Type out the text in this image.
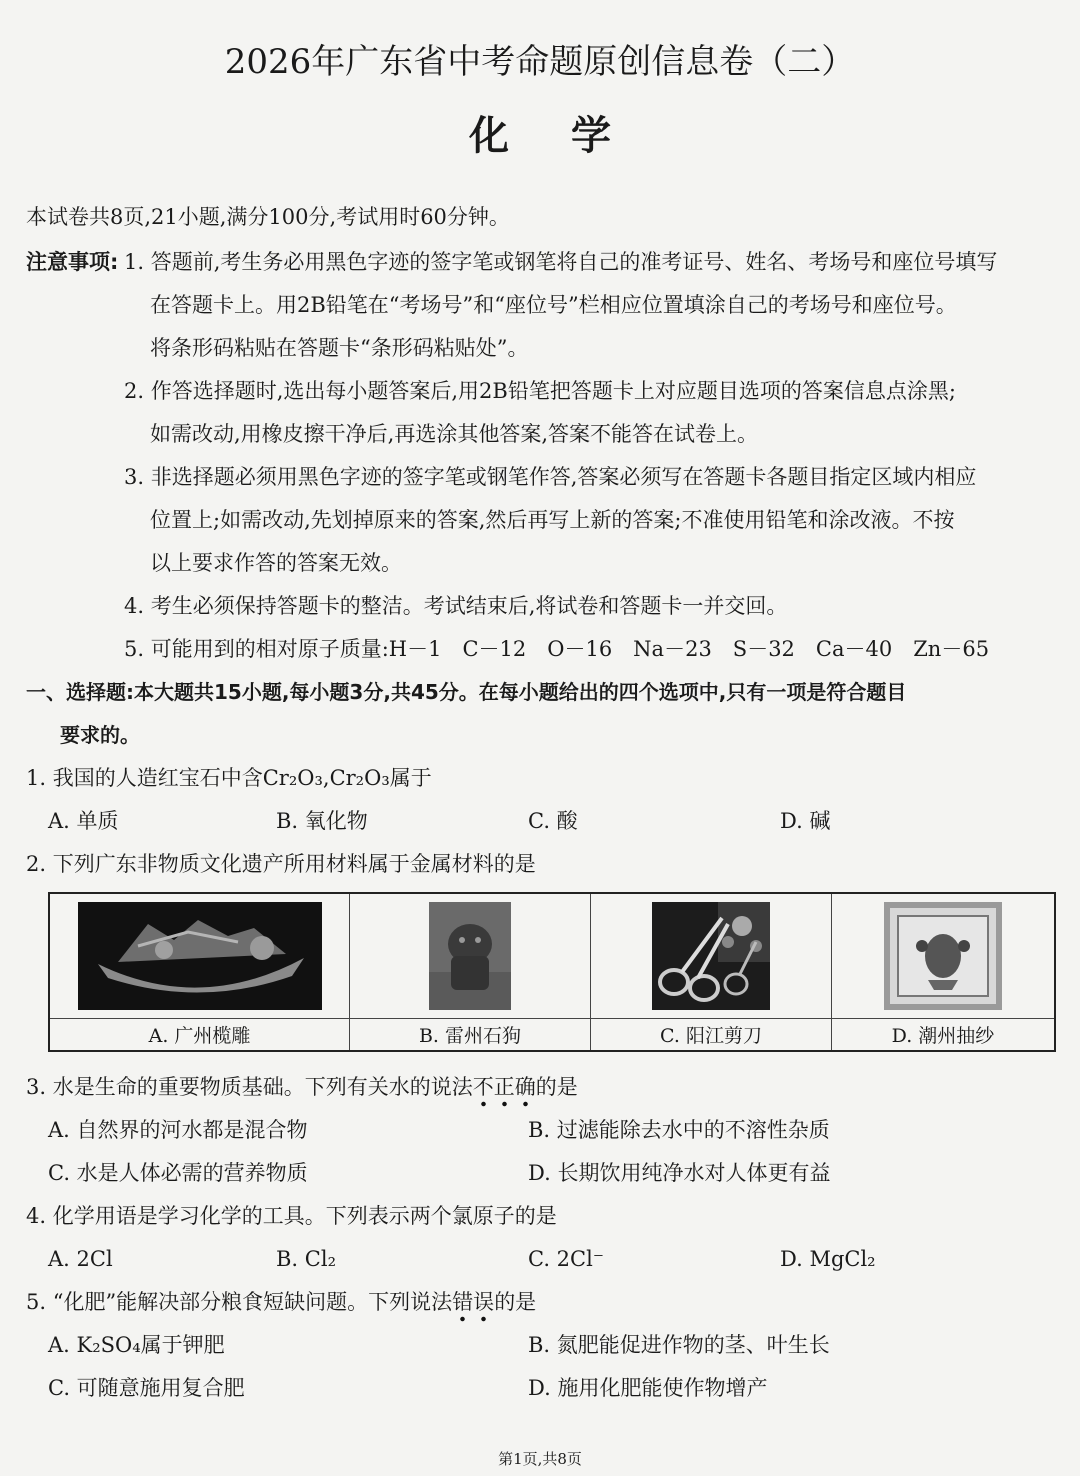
2026年广东省中考命题原创信息卷（二）
化学
本试卷共8页,21小题,满分100分,考试用时60分钟。
注意事项: 1. 答题前,考生务必用黑色字迹的签字笔或钢笔将自己的准考证号、姓名、考场号和座位号填写
在答题卡上。用2B铅笔在“考场号”和“座位号”栏相应位置填涂自己的考场号和座位号。
将条形码粘贴在答题卡“条形码粘贴处”。
2. 作答选择题时,选出每小题答案后,用2B铅笔把答题卡上对应题目选项的答案信息点涂黑;
如需改动,用橡皮擦干净后,再选涂其他答案,答案不能答在试卷上。
3. 非选择题必须用黑色字迹的签字笔或钢笔作答,答案必须写在答题卡各题目指定区域内相应
位置上;如需改动,先划掉原来的答案,然后再写上新的答案;不准使用铅笔和涂改液。不按
以上要求作答的答案无效。
4. 考生必须保持答题卡的整洁。考试结束后,将试卷和答题卡一并交回。
5. 可能用到的相对原子质量:H－1　C－12　O－16　Na－23　S－32　Ca－40　Zn－65
一、选择题:本大题共15小题,每小题3分,共45分。在每小题给出的四个选项中,只有一项是符合题目
要求的。
1. 我国的人造红宝石中含Cr₂O₃,Cr₂O₃属于
A. 单质	B. 氧化物	C. 酸	D. 碱
2. 下列广东非物质文化遗产所用材料属于金属材料的是
A. 广州榄雕	B. 雷州石狗	C. 阳江剪刀	D. 潮州抽纱
3. 水是生命的重要物质基础。下列有关水的说法不正确的是
A. 自然界的河水都是混合物	B. 过滤能除去水中的不溶性杂质
C. 水是人体必需的营养物质	D. 长期饮用纯净水对人体更有益
4. 化学用语是学习化学的工具。下列表示两个氯原子的是
A. 2Cl	B. Cl₂	C. 2Cl⁻	D. MgCl₂
5. “化肥”能解决部分粮食短缺问题。下列说法错误的是
A. K₂SO₄属于钾肥	B. 氮肥能促进作物的茎、叶生长
C. 可随意施用复合肥	D. 施用化肥能使作物增产
第1页,共8页
